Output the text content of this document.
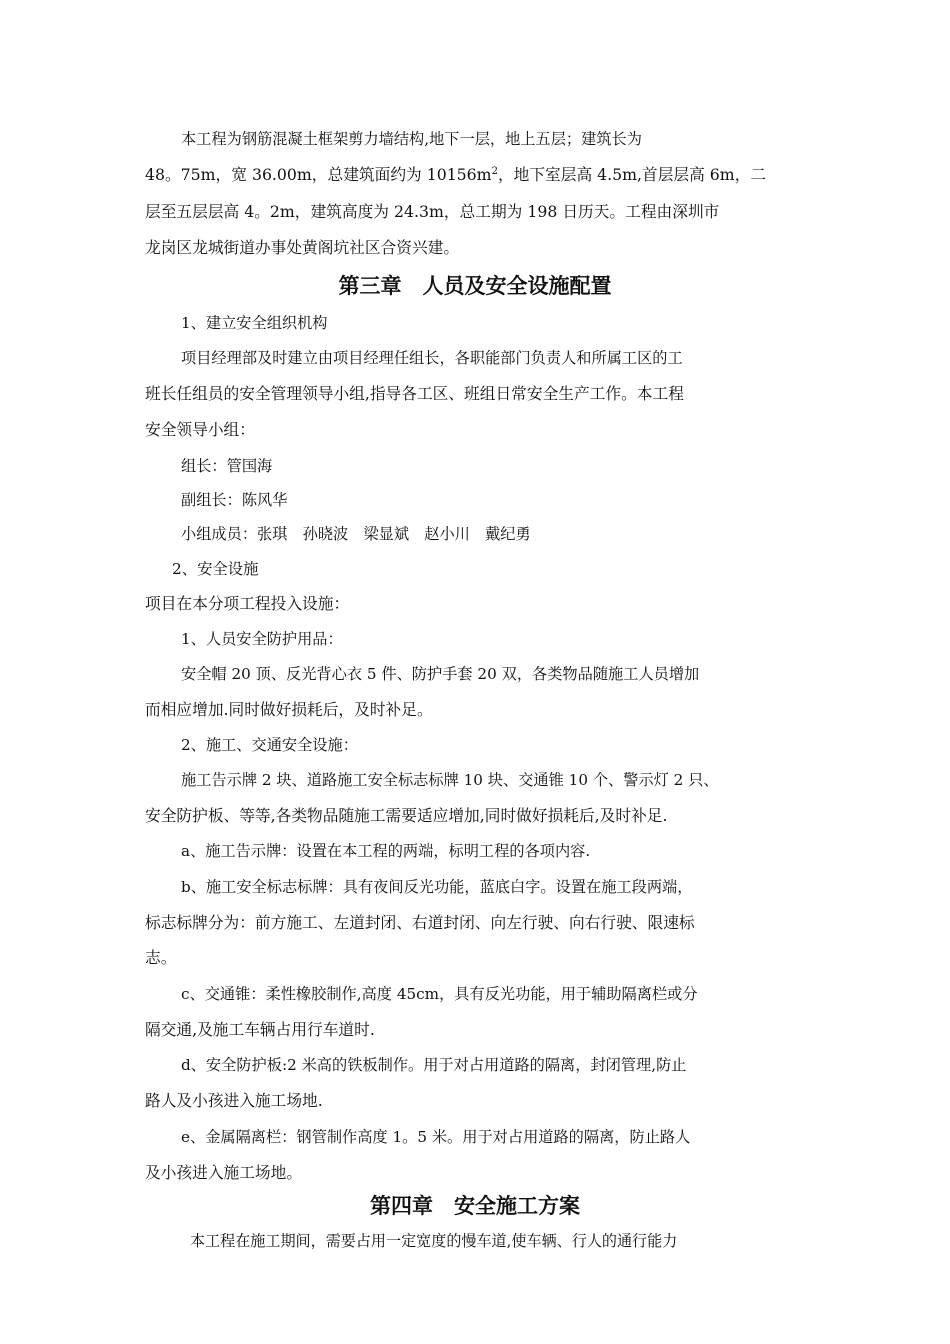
本工程为钢筋混凝土框架剪力墙结构,地下一层，地上五层；建筑长为
48。75m，宽 36.00m，总建筑面约为 $10156m^2$，地下室层高 4.5m,首层层高 6m，二
层至五层层高 4。2m，建筑高度为 24.3m，总工期为 198 日历天。工程由深圳市
龙岗区龙城街道办事处黄阁坑社区合资兴建。
第三章　人员及安全设施配置
1、建立安全组织机构
项目经理部及时建立由项目经理任组长，各职能部门负责人和所属工区的工
班长任组员的安全管理领导小组,指导各工区、班组日常安全生产工作。本工程
安全领导小组：
组长：管国海
副组长：陈风华
小组成员：张琪　孙晓波　梁显斌　赵小川　戴纪勇
2、安全设施
项目在本分项工程投入设施：
1、人员安全防护用品：
安全帽 20 顶、反光背心衣 5 件、防护手套 20 双，各类物品随施工人员增加
而相应增加.同时做好损耗后，及时补足。
2、施工、交通安全设施：
施工告示牌 2 块、道路施工安全标志标牌 10 块、交通锥 10 个、警示灯 2 只、
安全防护板、等等,各类物品随施工需要适应增加,同时做好损耗后,及时补足.
a、施工告示牌：设置在本工程的两端，标明工程的各项内容.
b、施工安全标志标牌：具有夜间反光功能，蓝底白字。设置在施工段两端，
标志标牌分为：前方施工、左道封闭、右道封闭、向左行驶、向右行驶、限速标
志。
c、交通锥：柔性橡胶制作,高度 45cm，具有反光功能，用于辅助隔离栏或分
隔交通,及施工车辆占用行车道时.
d、安全防护板:2 米高的铁板制作。用于对占用道路的隔离，封闭管理,防止
路人及小孩进入施工场地.
e、金属隔离栏：钢管制作高度 1。5 米。用于对占用道路的隔离，防止路人
及小孩进入施工场地。
第四章　安全施工方案
本工程在施工期间，需要占用一定宽度的慢车道,使车辆、行人的通行能力
